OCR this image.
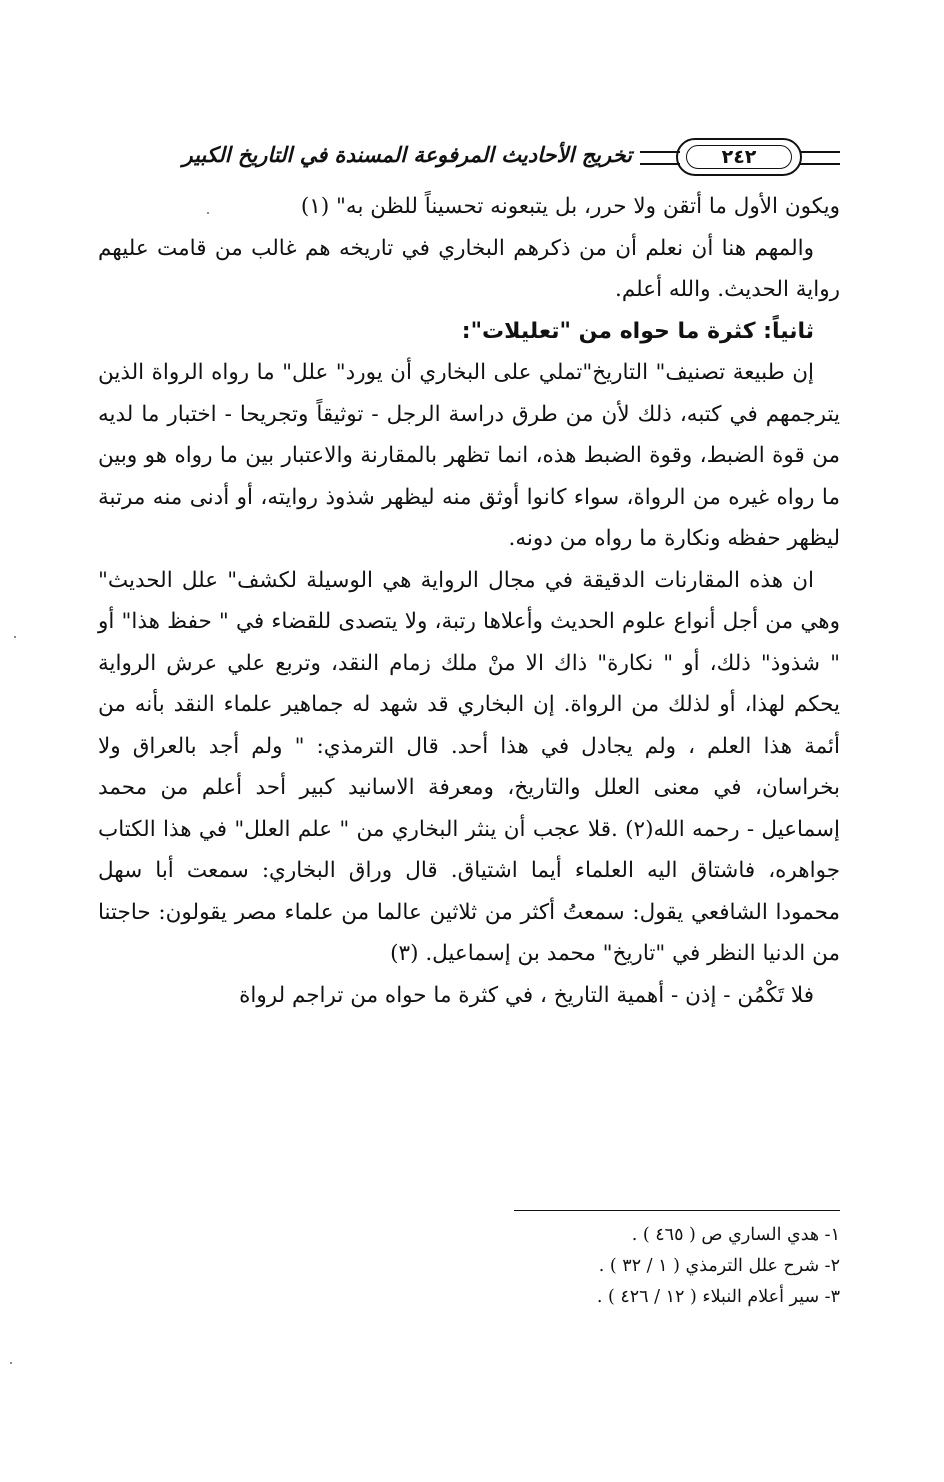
٢٤٢
تخريج الأحاديث المرفوعة المسندة في التاريخ الكبير

ويكون الأول ما أتقن ولا حرر، بل يتبعونه تحسيناً للظن به" (١)

والمهم هنا أن نعلم أن من ذكرهم البخاري في تاريخه هم غالب من قامت عليهم رواية الحديث. والله أعلم.

ثانياً: كثرة ما حواه من "تعليلات":

إن طبيعة تصنيف" التاريخ"تملي على البخاري أن يورد" علل" ما رواه الرواة الذين يترجمهم في كتبه، ذلك لأن من طرق دراسة الرجل - توثيقاً وتجريحا - اختبار ما لديه من قوة الضبط، وقوة الضبط هذه، انما تظهر بالمقارنة والاعتبار بين ما رواه هو وبين ما رواه غيره من الرواة، سواء كانوا أوثق منه ليظهر شذوذ روايته، أو أدنى منه مرتبة ليظهر حفظه ونكارة ما رواه من دونه.

ان هذه المقارنات الدقيقة في مجال الرواية هي الوسيلة لكشف" علل الحديث" وهي من أجل أنواع علوم الحديث وأعلاها رتبة، ولا يتصدى للقضاء في " حفظ هذا" أو " شذوذ" ذلك، أو " نكارة" ذاك الا منْ ملك زمام النقد، وتربع علي عرش الرواية يحكم لهذا، أو لذلك من الرواة. إن البخاري قد شهد له جماهير علماء النقد بأنه من أئمة هذا العلم ، ولم يجادل في هذا أحد. قال الترمذي: " ولم أجد بالعراق ولا بخراسان، في معنى العلل والتاريخ، ومعرفة الاسانيد كبير أحد أعلم من محمد إسماعيل - رحمه الله(٢) .قلا عجب أن ينثر البخاري من " علم العلل" في هذا الكتاب جواهره، فاشتاق اليه العلماء أيما اشتياق. قال وراق البخاري: سمعت أبا سهل محمودا الشافعي يقول: سمعتُ أكثر من ثلاثين عالما من علماء مصر يقولون: حاجتنا من الدنيا النظر في "تاريخ" محمد بن إسماعيل. (٣)

فلا تَكْمُن - إذن - أهمية التاريخ ، في كثرة ما حواه من تراجم لرواة

١- هدي الساري ص ( ٤٦٥ ) .

٢- شرح علل الترمذي ( ١ / ٣٢ ) .

٣- سير أعلام النبلاء ( ١٢ / ٤٢٦ ) .
